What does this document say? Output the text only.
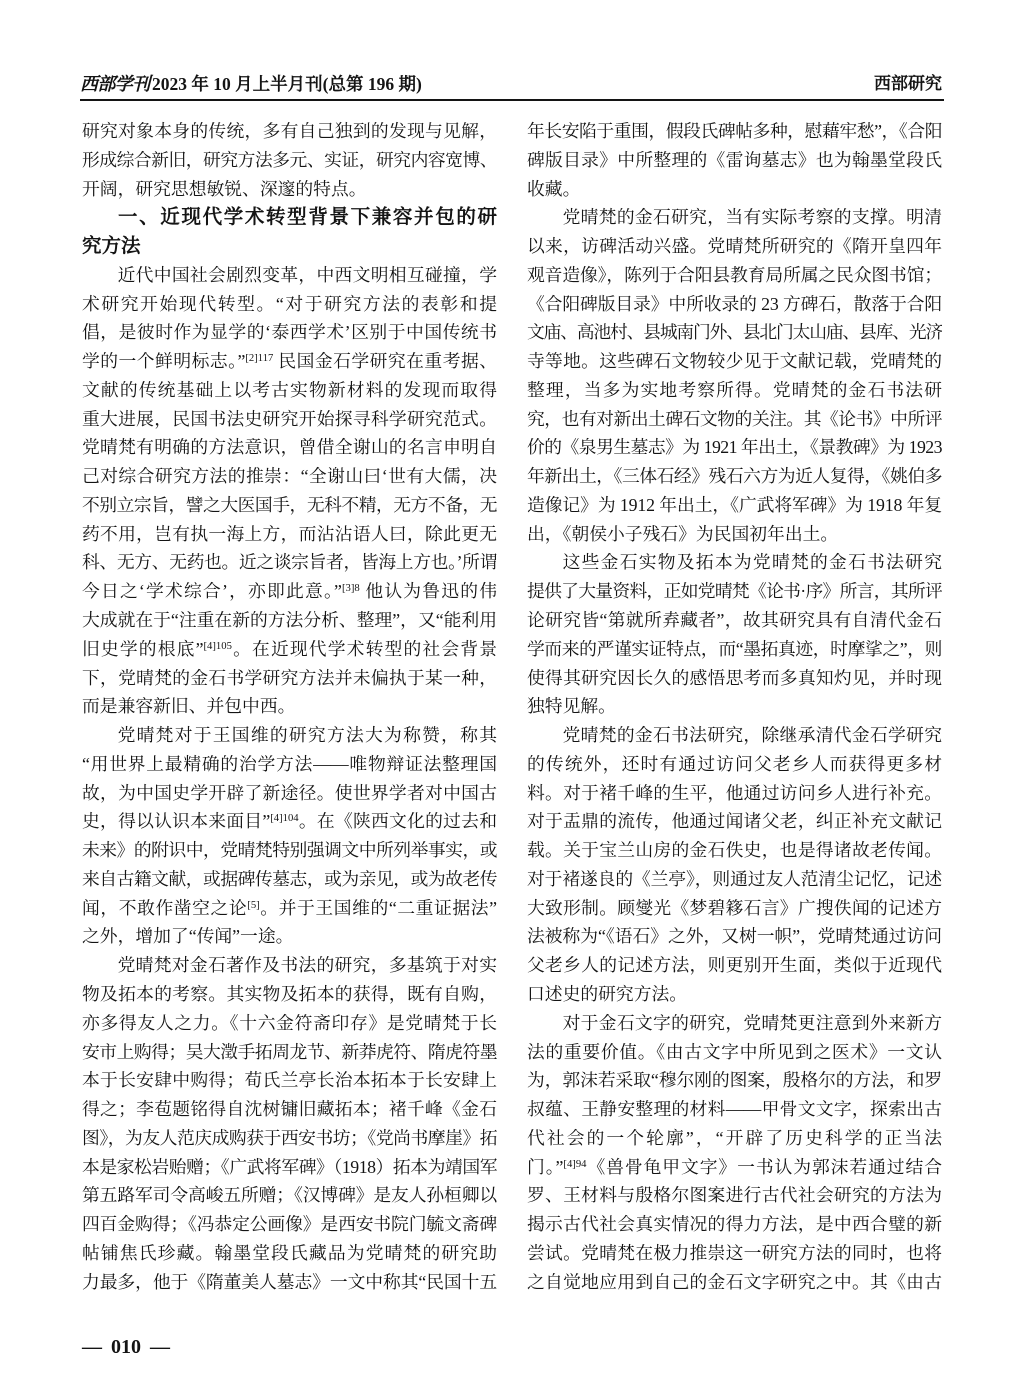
西部学刊 2023 年 10 月上半月刊(总第 196 期)	西部研究
研究对象本身的传统，多有自己独到的发现与见解，
形成综合新旧，研究方法多元、实证，研究内容宽博、
开阔，研究思想敏锐、深邃的特点。
一、近现代学术转型背景下兼容并包的研
究方法
近代中国社会剧烈变革，中西文明相互碰撞，学
术研究开始现代转型。“对于研究方法的表彰和提
倡，是彼时作为显学的‘泰西学术’区别于中国传统书
学的一个鲜明标志。”$^{[2]117}$ 民国金石学研究在重考据、
文献的传统基础上以考古实物新材料的发现而取得
重大进展，民国书法史研究开始探寻科学研究范式。
党晴梵有明确的方法意识，曾借全谢山的名言申明自
己对综合研究方法的推崇：“全谢山曰‘世有大儒，决
不别立宗旨，譬之大医国手，无科不精，无方不备，无
药不用，岂有执一海上方，而沾沾语人曰，除此更无
科、无方、无药也。近之谈宗旨者，皆海上方也。’所谓
今日之‘学术综合’，亦即此意。”$^{[3]8}$ 他认为鲁迅的伟
大成就在于“注重在新的方法分析、整理”，又“能利用
旧史学的根底”$^{[4]105}$。在近现代学术转型的社会背景
下，党晴梵的金石书学研究方法并未偏执于某一种，
而是兼容新旧、并包中西。
党晴梵对于王国维的研究方法大为称赞，称其
“用世界上最精确的治学方法——唯物辩证法整理国
故，为中国史学开辟了新途径。使世界学者对中国古
史，得以认识本来面目”$^{[4]104}$。在《陕西文化的过去和
未来》的附识中，党晴梵特别强调文中所列举事实，或
来自古籍文献，或据碑传墓志，或为亲见，或为故老传
闻，不敢作凿空之论[5]。并于王国维的“二重证据法”
之外，增加了“传闻”一途。
党晴梵对金石著作及书法的研究，多基筑于对实
物及拓本的考察。其实物及拓本的获得，既有自购，
亦多得友人之力。《十六金符斋印存》是党晴梵于长
安市上购得；吴大澂手拓周龙节、新莽虎符、隋虎符墨
本于长安肆中购得；荀氏兰亭长治本拓本于长安肆上
得之；李苞题铭得自沈树镛旧藏拓本；褚千峰《金石
图》，为友人范庆成购获于西安书坊；《党尚书摩崖》拓
本是家松岩贻赠；《广武将军碑》（1918）拓本为靖国军
第五路军司令高峻五所赠；《汉博碑》是友人孙桓卿以
四百金购得；《冯恭定公画像》是西安书院门毓文斋碑
帖铺焦氏珍藏。翰墨堂段氏藏品为党晴梵的研究助
力最多，他于《隋董美人墓志》一文中称其“民国十五
年长安陷于重围，假段氏碑帖多种，慰藉牢愁”，《合阳
碑版目录》中所整理的《雷询墓志》也为翰墨堂段氏
收藏。
党晴梵的金石研究，当有实际考察的支撑。明清
以来，访碑活动兴盛。党晴梵所研究的《隋开皇四年
观音造像》，陈列于合阳县教育局所属之民众图书馆；
《合阳碑版目录》中所收录的 23 方碑石，散落于合阳
文庙、高池村、县城南门外、县北门太山庙、县库、光济
寺等地。这些碑石文物较少见于文献记载，党晴梵的
整理，当多为实地考察所得。党晴梵的金石书法研
究，也有对新出土碑石文物的关注。其《论书》中所评
价的《泉男生墓志》为 1921 年出土，《景教碑》为 1923
年新出土，《三体石经》残石六方为近人复得，《姚伯多
造像记》为 1912 年出土，《广武将军碑》为 1918 年复
出，《朝侯小子残石》为民国初年出土。
这些金石实物及拓本为党晴梵的金石书法研究
提供了大量资料，正如党晴梵《论书·序》所言，其所评
论研究皆“第就所弆藏者”，故其研究具有自清代金石
学而来的严谨实证特点，而“墨拓真迹，时摩挲之”，则
使得其研究因长久的感悟思考而多真知灼见，并时现
独特见解。
党晴梵的金石书法研究，除继承清代金石学研究
的传统外，还时有通过访问父老乡人而获得更多材
料。对于褚千峰的生平，他通过访问乡人进行补充。
对于盂鼎的流传，他通过闻诸父老，纠正补充文献记
载。关于宝兰山房的金石佚史，也是得诸故老传闻。
对于褚遂良的《兰亭》，则通过友人范清尘记忆，记述
大致形制。顾燮光《梦碧簃石言》广搜佚闻的记述方
法被称为“《语石》之外，又树一帜”，党晴梵通过访问
父老乡人的记述方法，则更别开生面，类似于近现代
口述史的研究方法。
对于金石文字的研究，党晴梵更注意到外来新方
法的重要价值。《由古文字中所见到之医术》一文认
为，郭沫若采取“穆尔刚的图案，殷格尔的方法，和罗
叔蕴、王静安整理的材料——甲骨文文字，探索出古
代社会的一个轮廓”，“开辟了历史科学的正当法
门。”$^{[4]94}$《兽骨龟甲文字》一书认为郭沫若通过结合
罗、王材料与殷格尔图案进行古代社会研究的方法为
揭示古代社会真实情况的得力方法，是中西合璧的新
尝试。党晴梵在极力推崇这一研究方法的同时，也将
之自觉地应用到自己的金石文字研究之中。其《由古
— 010 —
